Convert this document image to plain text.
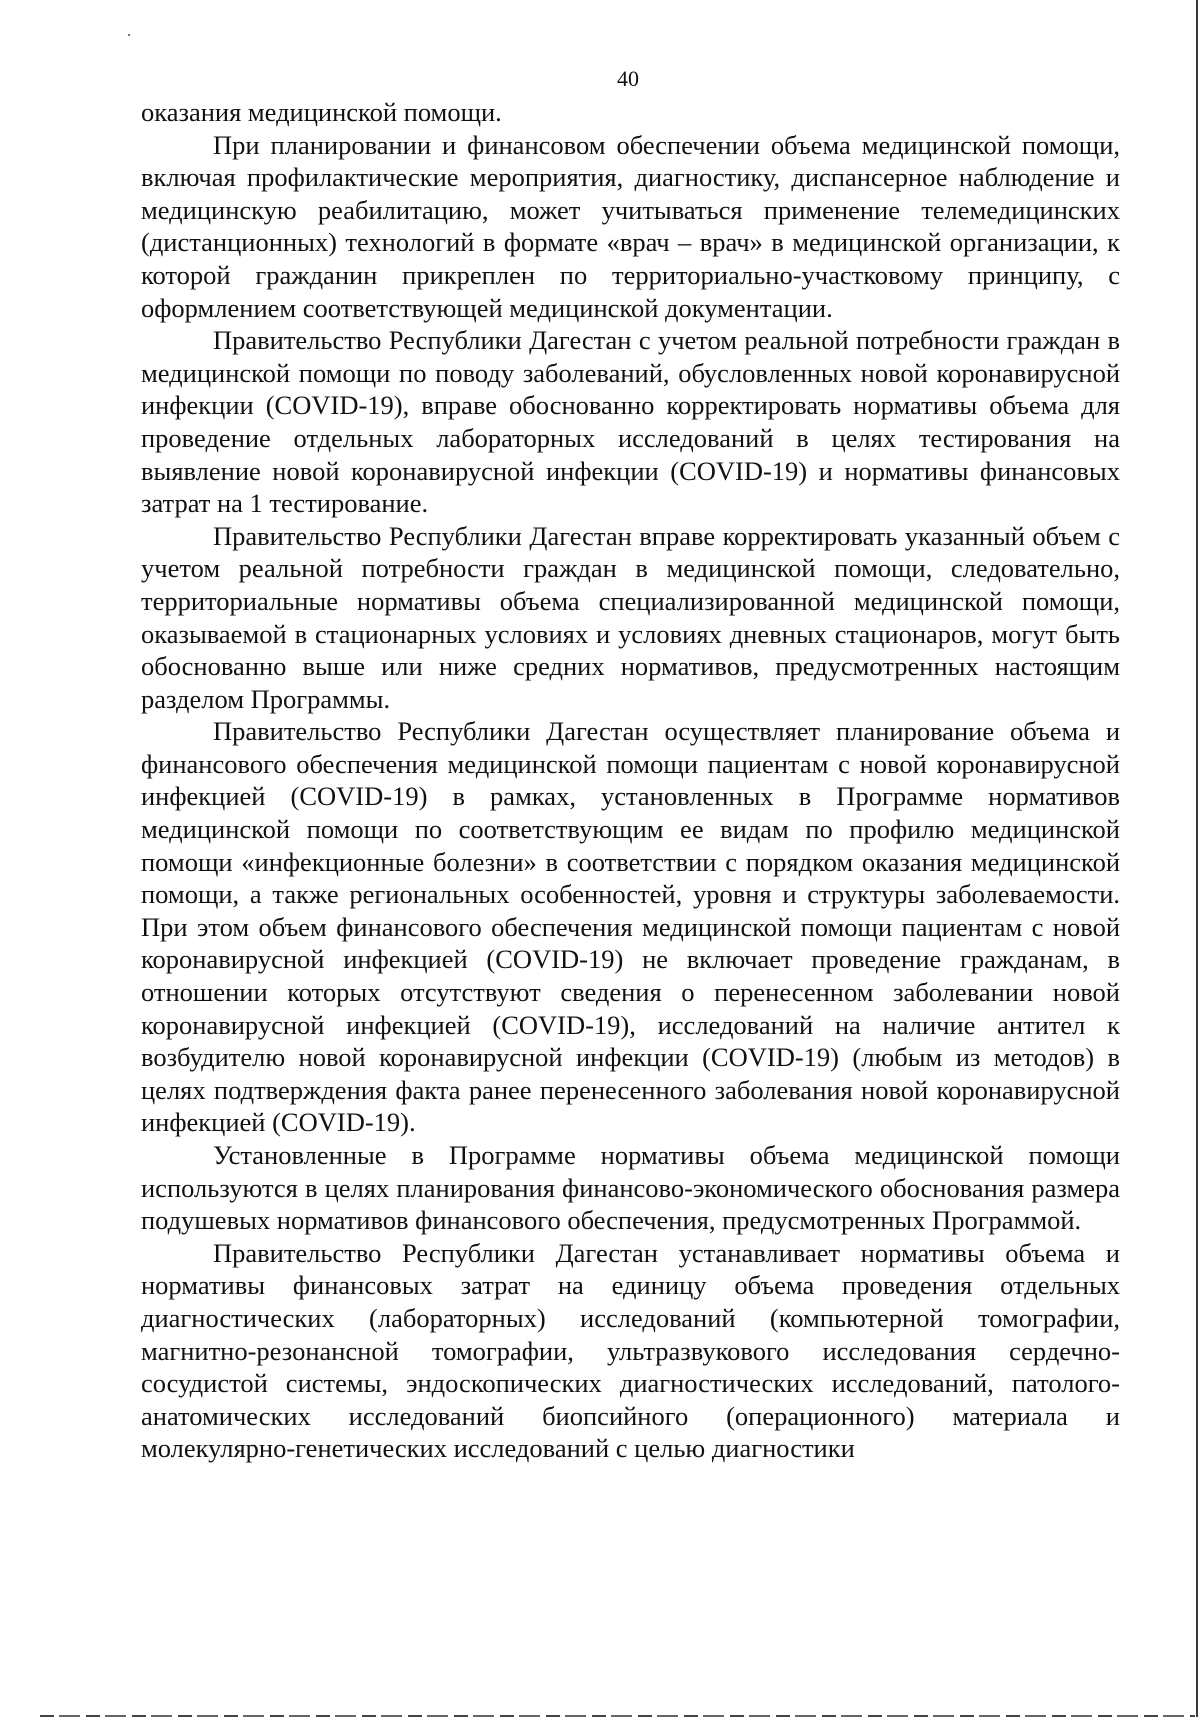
40

оказания медицинской помощи.

При планировании и финансовом обеспечении объема медицинской помощи, включая профилактические мероприятия, диагностику, диспансерное наблюдение и медицинскую реабилитацию, может учитываться применение телемедицинских (дистанционных) технологий в формате «врач – врач» в медицинской организации, к которой гражданин прикреплен по территориально-участковому принципу, с оформлением соответствующей медицинской документации.

Правительство Республики Дагестан с учетом реальной потребности граждан в медицинской помощи по поводу заболеваний, обусловленных новой коронавирусной инфекции (COVID-19), вправе обоснованно корректировать нормативы объема для проведение отдельных лабораторных исследований в целях тестирования на выявление новой коронавирусной инфекции (COVID-19) и нормативы финансовых затрат на 1 тестирование.

Правительство Республики Дагестан вправе корректировать указанный объем с учетом реальной потребности граждан в медицинской помощи, следовательно, территориальные нормативы объема специализированной медицинской помощи, оказываемой в стационарных условиях и условиях дневных стационаров, могут быть обоснованно выше или ниже средних нормативов, предусмотренных настоящим разделом Программы.

Правительство Республики Дагестан осуществляет планирование объема и финансового обеспечения медицинской помощи пациентам с новой коронавирусной инфекцией (COVID-19) в рамках, установленных в Программе нормативов медицинской помощи по соответствующим ее видам по профилю медицинской помощи «инфекционные болезни» в соответствии с порядком оказания медицинской помощи, а также региональных особенностей, уровня и структуры заболеваемости. При этом объем финансового обеспечения медицинской помощи пациентам с новой коронавирусной инфекцией (COVID-19) не включает проведение гражданам, в отношении которых отсутствуют сведения о перенесенном заболевании новой коронавирусной инфекцией (COVID-19), исследований на наличие антител к возбудителю новой коронавирусной инфекции (COVID-19) (любым из методов) в целях подтверждения факта ранее перенесенного заболевания новой коронавирусной инфекцией (COVID-19).

Установленные в Программе нормативы объема медицинской помощи используются в целях планирования финансово-экономического обоснования размера подушевых нормативов финансового обеспечения, предусмотренных Программой.

Правительство Республики Дагестан устанавливает нормативы объема и нормативы финансовых затрат на единицу объема проведения отдельных диагностических (лабораторных) исследований (компьютерной томографии, магнитно-резонансной томографии, ультразвукового исследования сердечно-сосудистой системы, эндоскопических диагностических исследований, патолого-анатомических исследований биопсийного (операционного) материала и молекулярно-генетических исследований с целью диагностики
